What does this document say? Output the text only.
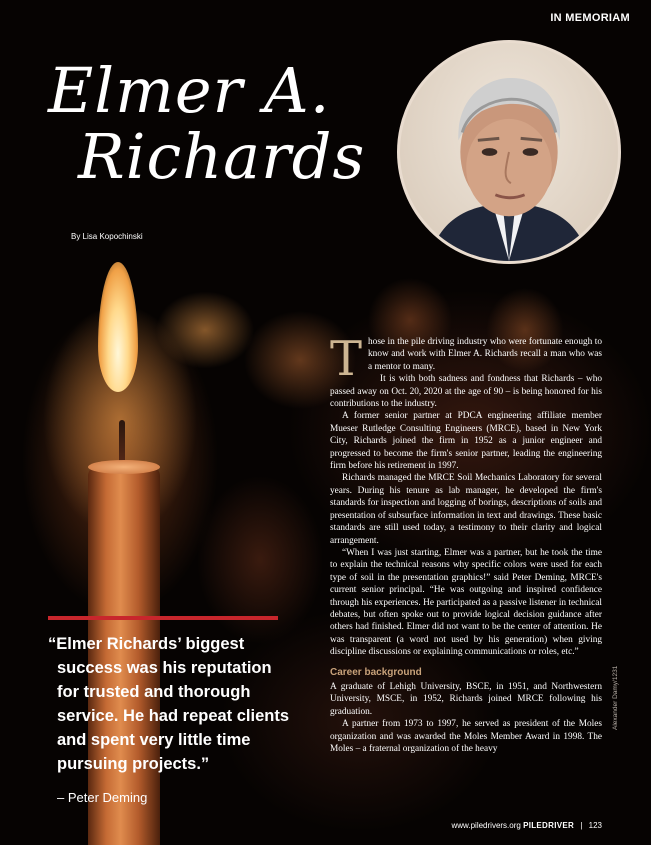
IN MEMORIAM
Elmer A.
Richards
By Lisa Kopochinski
“Elmer Richards’ biggest success was his reputation for trusted and thorough service. He had repeat clients and spent very little time pursuing projects.”
– Peter Deming

Those in the pile driving industry who were fortunate enough to know and work with Elmer A. Richards recall a man who was a mentor to many.

It is with both sadness and fondness that Richards – who passed away on Oct. 20, 2020 at the age of 90 – is being honored for his contributions to the industry.

A former senior partner at PDCA engineering affiliate member Mueser Rutledge Consulting Engineers (MRCE), based in New York City, Richards joined the firm in 1952 as a junior engineer and progressed to become the firm's senior partner, leading the engineering firm before his retirement in 1997.

Richards managed the MRCE Soil Mechanics Laboratory for several years. During his tenure as lab manager, he developed the firm's standards for inspection and logging of borings, descriptions of soils and presentation of subsurface information in text and drawings. These basic standards are still used today, a testimony to their clarity and logical arrangement.

“When I was just starting, Elmer was a partner, but he took the time to explain the technical reasons why specific colors were used for each type of soil in the presentation graphics!” said Peter Deming, MRCE's current senior principal. “He was outgoing and inspired confidence through his experiences. He participated as a passive listener in technical debates, but often spoke out to provide logical decision guidance after others had finished. Elmer did not want to be the center of attention. He was transparent (a word not used by his generation) when giving discipline discussions or explaining communications or roles, etc.”

Career background

A graduate of Lehigh University, BSCE, in 1951, and Northwestern University, MSCE, in 1952, Richards joined MRCE following his graduation.

A partner from 1973 to 1997, he served as president of the Moles organization and was awarded the Moles Member Award in 1998. The Moles – a fraternal organization of the heavy

Alexander Damy/1231
www.piledrivers.org PILEDRIVER | 123
